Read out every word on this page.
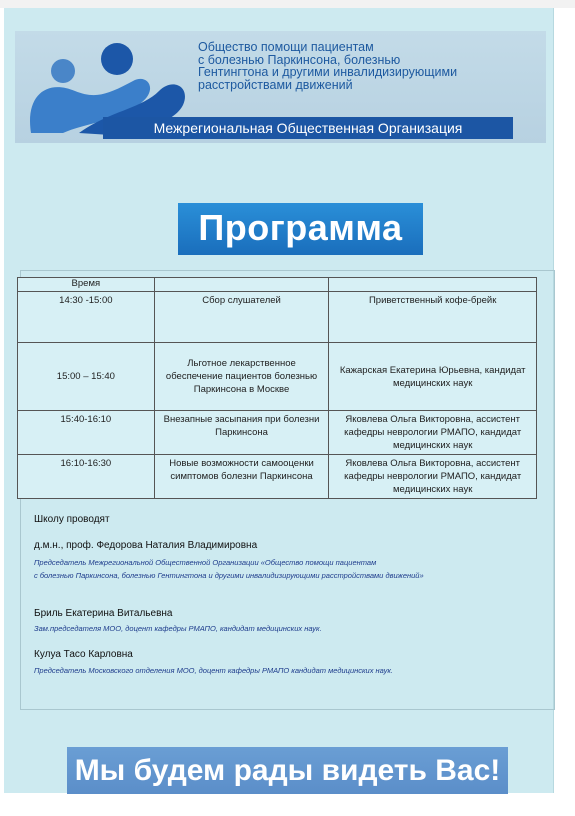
Общество помощи пациентам
с болезнью Паркинсона, болезнью
Гентингтона и другими инвалидизирующими
расстройствами движений
Межрегиональная Общественная Организация
Программа
Мы будем рады видеть Вас!
Время		
14:30 -15:00	Сбор слушателей	Приветственный кофе-брейк
15:00 – 15:40	Льготное лекарственное обеспечение пациентов болезнью Паркинсона в Москве	Кажарская Екатерина Юрьевна, кандидат медицинских наук
15:40-16:10	Внезапные засыпания при болезни Паркинсона	Яковлева Ольга Викторовна, ассистент кафедры неврологии РМАПО, кандидат медицинских наук
16:10-16:30	Новые возможности самооценки симптомов болезни Паркинсона	Яковлева Ольга Викторовна, ассистент кафедры неврологии РМАПО, кандидат медицинских наук
Школу проводят
д.м.н., проф. Федорова Наталия Владимировна
Председатель Межрегиональной Общественной Организации «Общество помощи пациентам
с болезнью Паркинсона, болезнью Гентингтона и другими инвалидизирующими расстройствами движений»
Бриль Екатерина Витальевна
Зам.председателя МОО, доцент кафедры РМАПО, кандидат медицинских наук.
Кулуа Тасо Карловна
Председатель Московского отделения МОО, доцент кафедры РМАПО кандидат медицинских наук.
